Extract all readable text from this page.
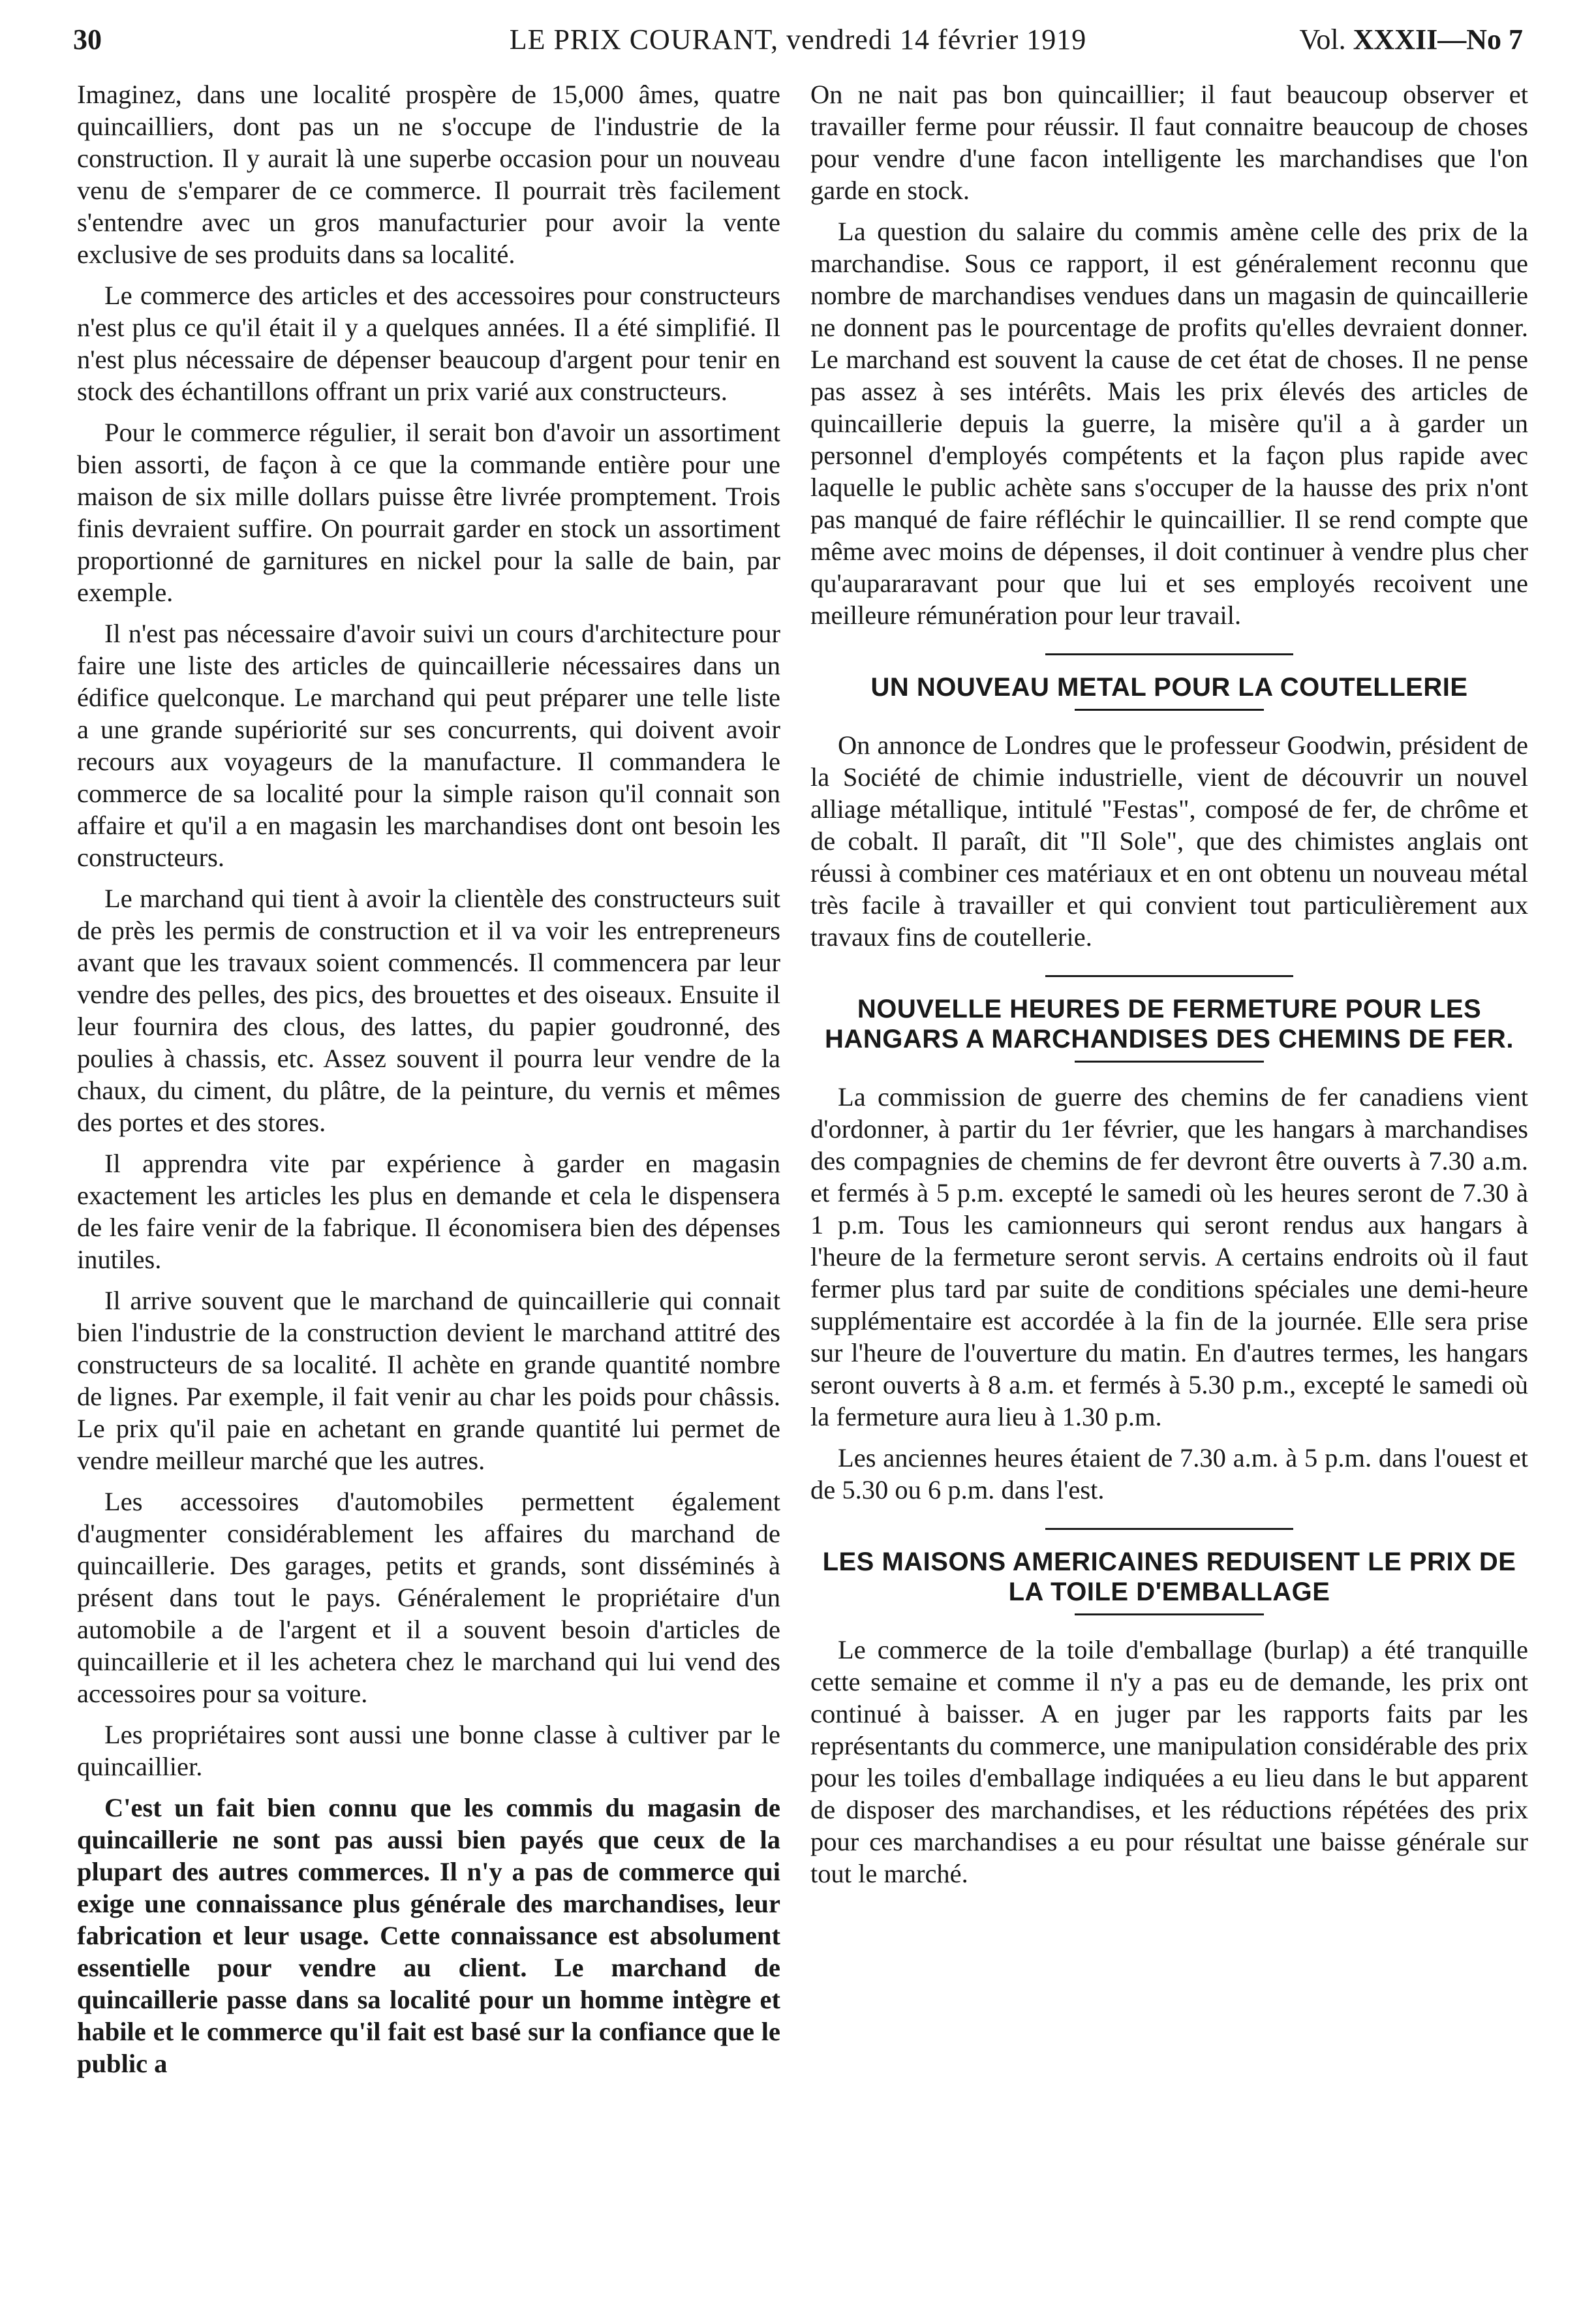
30	LE PRIX COURANT, vendredi 14 février 1919	Vol. XXXII—No 7

Imaginez, dans une localité prospère de 15,000 âmes, quatre quincailliers, dont pas un ne s'occupe de l'industrie de la construction. Il y aurait là une superbe occasion pour un nouveau venu de s'emparer de ce commerce. Il pourrait très facilement s'entendre avec un gros manufacturier pour avoir la vente exclusive de ses produits dans sa localité.

Le commerce des articles et des accessoires pour constructeurs n'est plus ce qu'il était il y a quelques années. Il a été simplifié. Il n'est plus nécessaire de dépenser beaucoup d'argent pour tenir en stock des échantillons offrant un prix varié aux constructeurs.

Pour le commerce régulier, il serait bon d'avoir un assortiment bien assorti, de façon à ce que la commande entière pour une maison de six mille dollars puisse être livrée promptement. Trois finis devraient suffire. On pourrait garder en stock un assortiment proportionné de garnitures en nickel pour la salle de bain, par exemple.

Il n'est pas nécessaire d'avoir suivi un cours d'architecture pour faire une liste des articles de quincaillerie nécessaires dans un édifice quelconque. Le marchand qui peut préparer une telle liste a une grande supériorité sur ses concurrents, qui doivent avoir recours aux voyageurs de la manufacture. Il commandera le commerce de sa localité pour la simple raison qu'il connait son affaire et qu'il a en magasin les marchandises dont ont besoin les constructeurs.

Le marchand qui tient à avoir la clientèle des constructeurs suit de près les permis de construction et il va voir les entrepreneurs avant que les travaux soient commencés. Il commencera par leur vendre des pelles, des pics, des brouettes et des oiseaux. Ensuite il leur fournira des clous, des lattes, du papier goudronné, des poulies à chassis, etc. Assez souvent il pourra leur vendre de la chaux, du ciment, du plâtre, de la peinture, du vernis et mêmes des portes et des stores.

Il apprendra vite par expérience à garder en magasin exactement les articles les plus en demande et cela le dispensera de les faire venir de la fabrique. Il économisera bien des dépenses inutiles.

Il arrive souvent que le marchand de quincaillerie qui connait bien l'industrie de la construction devient le marchand attitré des constructeurs de sa localité. Il achète en grande quantité nombre de lignes. Par exemple, il fait venir au char les poids pour châssis. Le prix qu'il paie en achetant en grande quantité lui permet de vendre meilleur marché que les autres.

Les accessoires d'automobiles permettent également d'augmenter considérablement les affaires du marchand de quincaillerie. Des garages, petits et grands, sont disséminés à présent dans tout le pays. Généralement le propriétaire d'un automobile a de l'argent et il a souvent besoin d'articles de quincaillerie et il les achetera chez le marchand qui lui vend des accessoires pour sa voiture.

Les propriétaires sont aussi une bonne classe à cultiver par le quincaillier.

C'est un fait bien connu que les commis du magasin de quincaillerie ne sont pas aussi bien payés que ceux de la plupart des autres commerces. Il n'y a pas de commerce qui exige une connaissance plus générale des marchandises, leur fabrication et leur usage. Cette connaissance est absolument essentielle pour vendre au client. Le marchand de quincaillerie passe dans sa localité pour un homme intègre et habile et le commerce qu'il fait est basé sur la confiance que le public a

On ne nait pas bon quincaillier; il faut beaucoup observer et travailler ferme pour réussir. Il faut connaitre beaucoup de choses pour vendre d'une facon intelligente les marchandises que l'on garde en stock.

La question du salaire du commis amène celle des prix de la marchandise. Sous ce rapport, il est généralement reconnu que nombre de marchandises vendues dans un magasin de quincaillerie ne donnent pas le pourcentage de profits qu'elles devraient donner. Le marchand est souvent la cause de cet état de choses. Il ne pense pas assez à ses intérêts. Mais les prix élevés des articles de quincaillerie depuis la guerre, la misère qu'il a à garder un personnel d'employés compétents et la façon plus rapide avec laquelle le public achète sans s'occuper de la hausse des prix n'ont pas manqué de faire réfléchir le quincaillier. Il se rend compte que même avec moins de dépenses, il doit continuer à vendre plus cher qu'aupararavant pour que lui et ses employés recoivent une meilleure rémunération pour leur travail.

UN NOUVEAU METAL POUR LA COUTELLERIE

On annonce de Londres que le professeur Goodwin, président de la Société de chimie industrielle, vient de découvrir un nouvel alliage métallique, intitulé "Festas", composé de fer, de chrôme et de cobalt. Il paraît, dit "Il Sole", que des chimistes anglais ont réussi à combiner ces matériaux et en ont obtenu un nouveau métal très facile à travailler et qui convient tout particulièrement aux travaux fins de coutellerie.

NOUVELLE HEURES DE FERMETURE POUR LES HANGARS A MARCHANDISES DES CHEMINS DE FER.

La commission de guerre des chemins de fer canadiens vient d'ordonner, à partir du 1er février, que les hangars à marchandises des compagnies de chemins de fer devront être ouverts à 7.30 a.m. et fermés à 5 p.m. excepté le samedi où les heures seront de 7.30 à 1 p.m. Tous les camionneurs qui seront rendus aux hangars à l'heure de la fermeture seront servis. A certains endroits où il faut fermer plus tard par suite de conditions spéciales une demi-heure supplémentaire est accordée à la fin de la journée. Elle sera prise sur l'heure de l'ouverture du matin. En d'autres termes, les hangars seront ouverts à 8 a.m. et fermés à 5.30 p.m., excepté le samedi où la fermeture aura lieu à 1.30 p.m.

Les anciennes heures étaient de 7.30 a.m. à 5 p.m. dans l'ouest et de 5.30 ou 6 p.m. dans l'est.

LES MAISONS AMERICAINES REDUISENT LE PRIX DE LA TOILE D'EMBALLAGE

Le commerce de la toile d'emballage (burlap) a été tranquille cette semaine et comme il n'y a pas eu de demande, les prix ont continué à baisser. A en juger par les rapports faits par les représentants du commerce, une manipulation considérable des prix pour les toiles d'emballage indiquées a eu lieu dans le but apparent de disposer des marchandises, et les réductions répétées des prix pour ces marchandises a eu pour résultat une baisse générale sur tout le marché.
